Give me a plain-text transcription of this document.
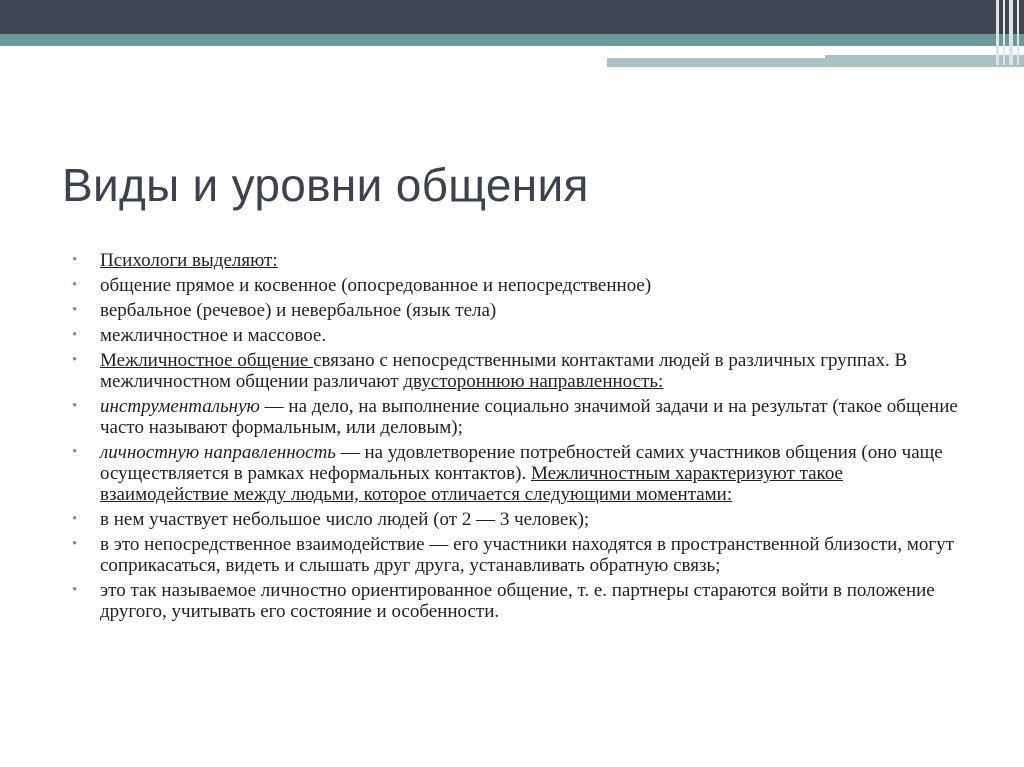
Виды и уровни общения
• Психологи выделяют:
• общение прямое и косвенное (опосредованное и непосредственное)
• вербальное (речевое) и невербальное (язык тела)
• межличностное и массовое.
• Межличностное общение связано с непосредственными контактами людей в различных группах. В межличностном общении различают двустороннюю направленность:
• инструментальную — на дело, на выполнение социально значимой задачи и на результат (такое общение часто называют формальным, или деловым);
• личностную направленность — на удовлетворение потребностей самих участников общения (оно чаще осуществляется в рамках неформальных контактов). Межличностным характеризуют такое взаимодействие между людьми, которое отличается следующими моментами:
• в нем участвует небольшое число людей (от 2 — 3 человек);
• в это непосредственное взаимодействие — его участники находятся в пространственной близости, могут соприкасаться, видеть и слышать друг друга, устанавливать обратную связь;
• это так называемое личностно ориентированное общение, т. е. партнеры стараются войти в положение другого, учитывать его состояние и особенности.
